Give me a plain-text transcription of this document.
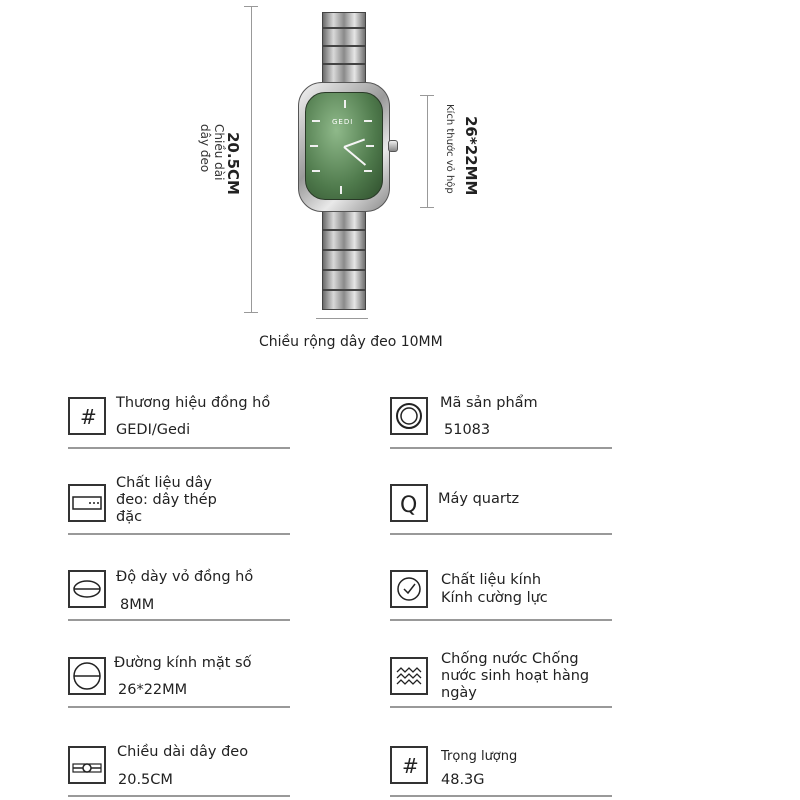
GEDI
20.5CM
Chiều dài dây đeo	Kích thước vỏ hộp 26*22MM
Chiều rộng dây đeo 10MM
#
Thương hiệu đồng hồ
GEDI/Gedi
Mã sản phẩm
51083
Chất liệu dây đeo: dây thép đặc	Q Máy quartz
Độ dày vỏ đồng hồ
8MM
Chất liệu kính
Kính cường lực
Đường kính mặt số
26*22MM
Chống nước Chống nước sinh hoạt hàng ngày
Chiều dài dây đeo
20.5CM
# Trọng lượng
48.3G
